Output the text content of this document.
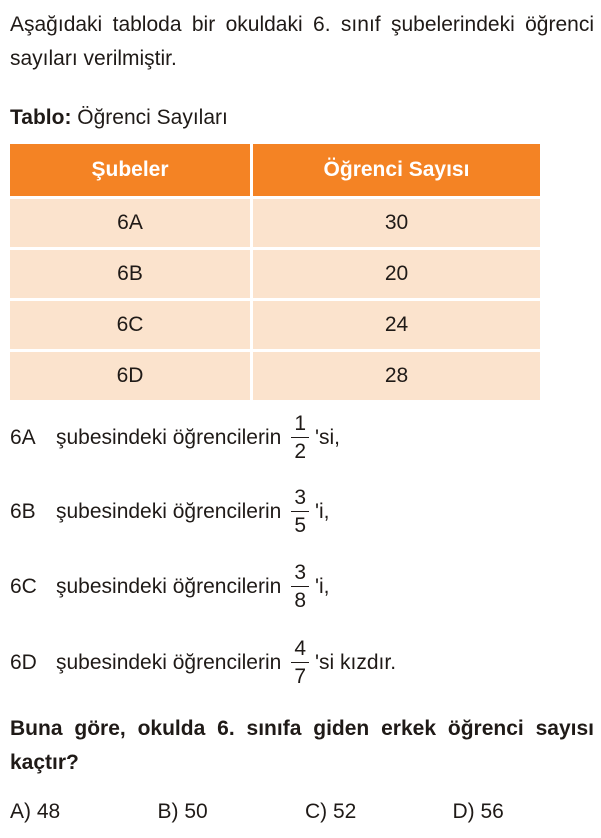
Aşağıdaki tabloda bir okuldaki 6. sınıf şubelerindeki öğrenci sayıları verilmiştir.

Tablo: Öğrenci Sayıları

Şubeler	Öğrenci Sayısı
6A	30
6B	20
6C	24
6D	28
6A şubesindeki öğrencilerin $\frac{1}{2}$ 'si,
6B şubesindeki öğrencilerin $\frac{3}{5}$ 'i,
6C şubesindeki öğrencilerin $\frac{3}{8}$ 'i,
6D şubesindeki öğrencilerin $\frac{4}{7}$ 'si kızdır.

Buna göre, okulda 6. sınıfa giden erkek öğrenci sayısı kaçtır?

A) 48	B) 50	C) 52	D) 56
